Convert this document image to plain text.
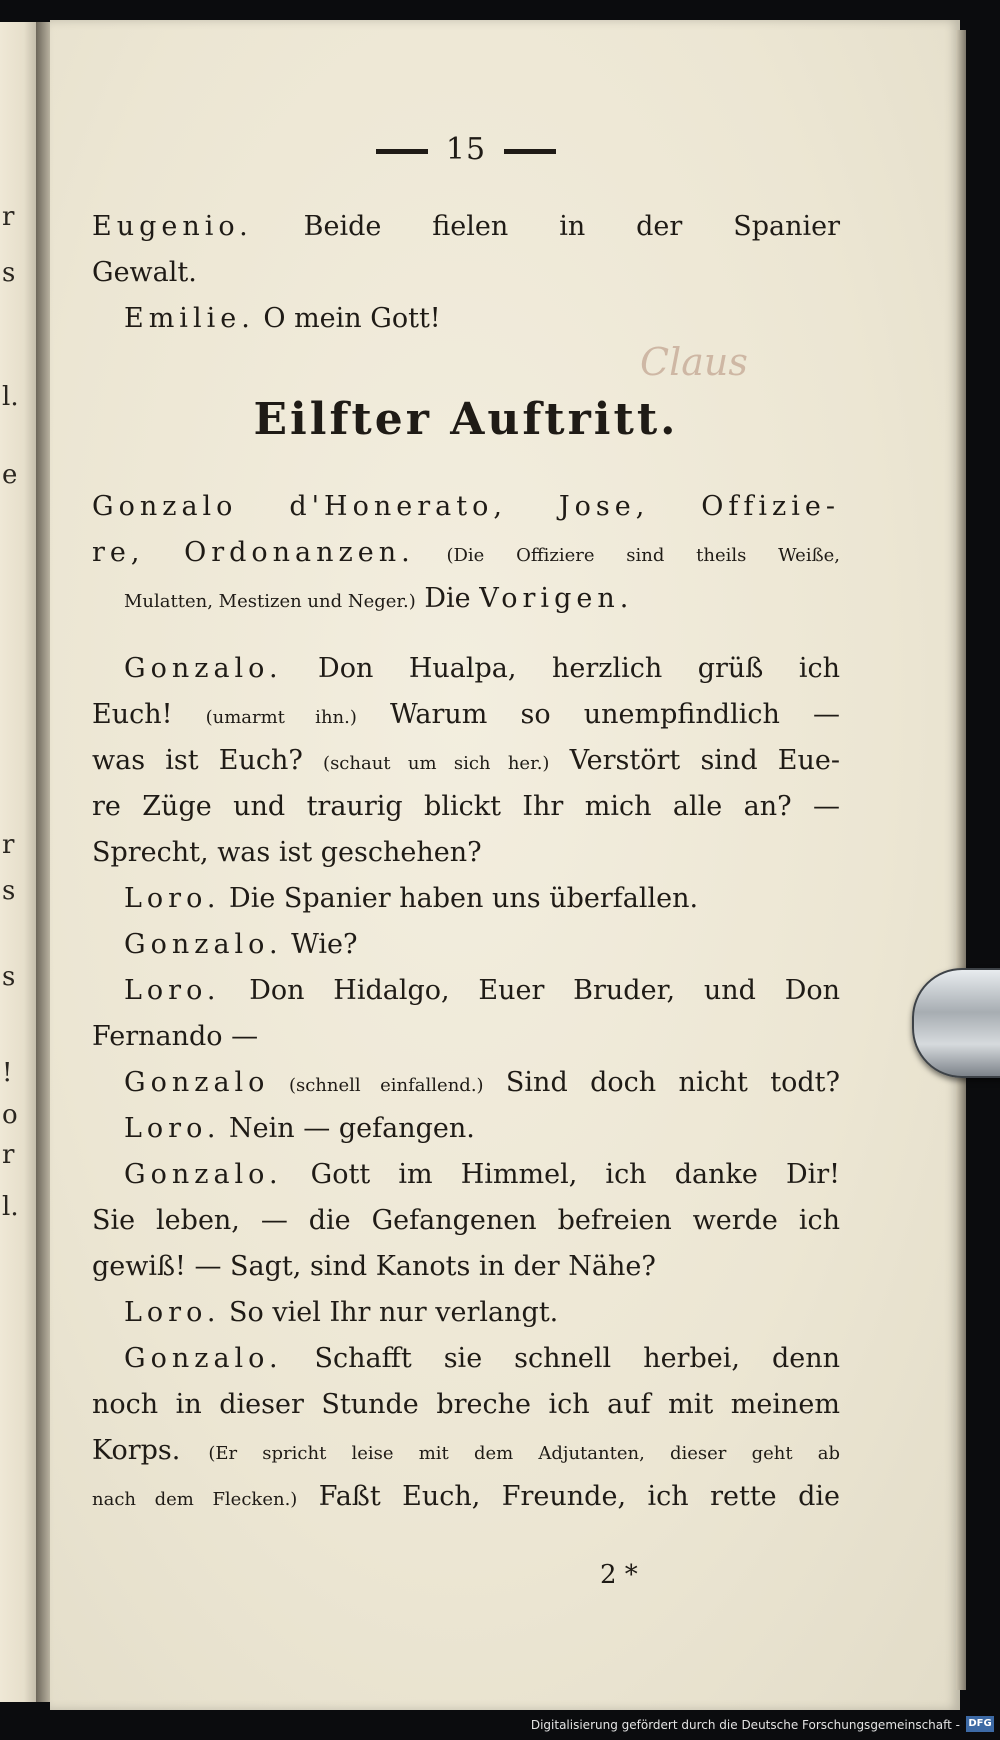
r
s
l.
e
r
s
s
!
o
r
l.
Claus
15
Eugenio. Beide fielen in der Spanier
Gewalt.
Emilie. O mein Gott!
Eilfter Auftritt.
Gonzalo d'Honerato, Jose, Offizie-
re, Ordonanzen. (Die Offiziere sind theils Weiße,
Mulatten, Mestizen und Neger.) Die Vorigen.
Gonzalo. Don Hualpa, herzlich grüß ich
Euch! (umarmt ihn.) Warum so unempfindlich —
was ist Euch? (schaut um sich her.) Verstört sind Eue-
re Züge und traurig blickt Ihr mich alle an? —
Sprecht, was ist geschehen?
Loro. Die Spanier haben uns überfallen.
Gonzalo. Wie?
Loro. Don Hidalgo, Euer Bruder, und Don
Fernando —
Gonzalo (schnell einfallend.) Sind doch nicht todt?
Loro. Nein — gefangen.
Gonzalo. Gott im Himmel, ich danke Dir!
Sie leben, — die Gefangenen befreien werde ich
gewiß! — Sagt, sind Kanots in der Nähe?
Loro. So viel Ihr nur verlangt.
Gonzalo. Schafft sie schnell herbei, denn
noch in dieser Stunde breche ich auf mit meinem
Korps. (Er spricht leise mit dem Adjutanten, dieser geht ab
nach dem Flecken.) Faßt Euch, Freunde, ich rette die
2 *
Digitalisierung gefördert durch die Deutsche Forschungsgemeinschaft - DFG
